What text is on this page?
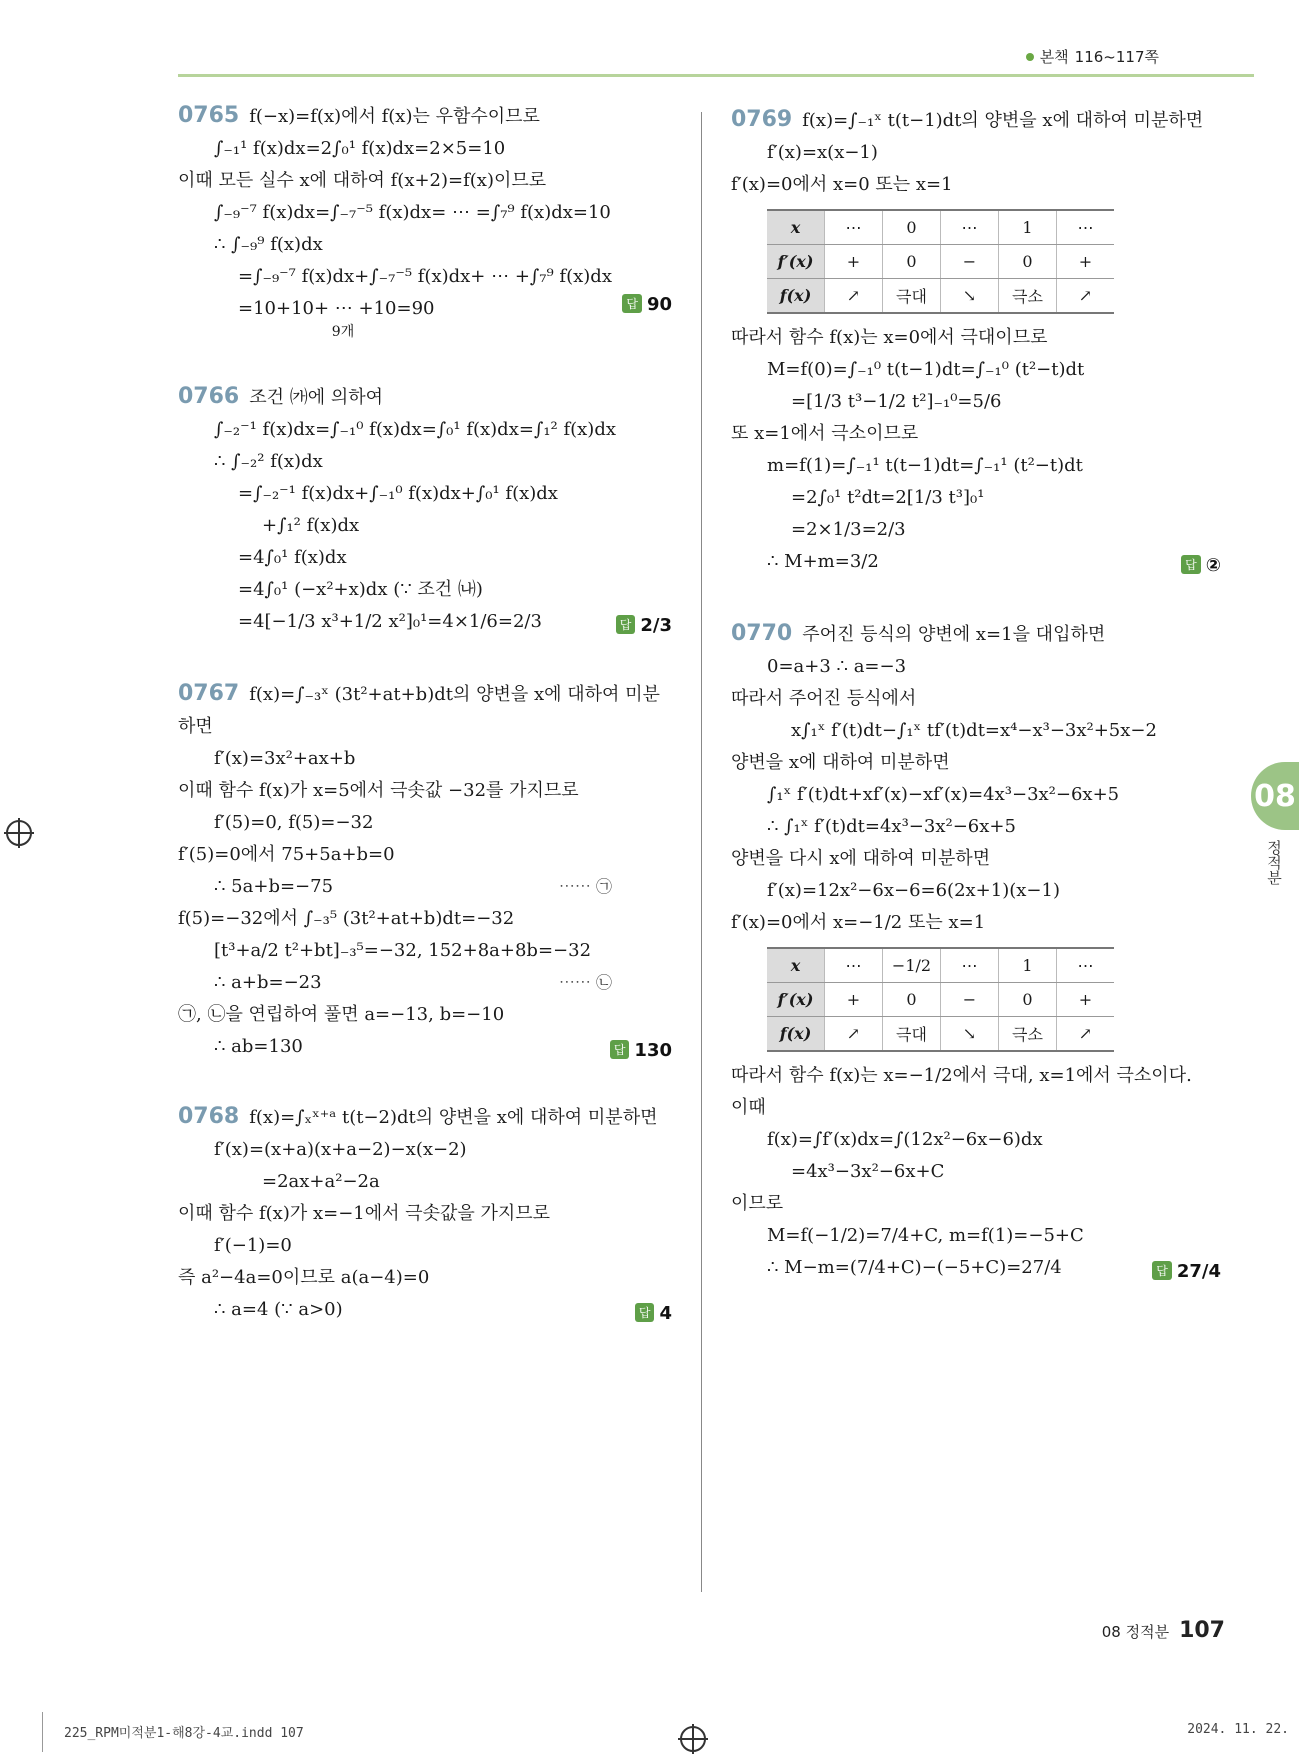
본책 116~117쪽
0765 f(−x)=f(x)에서 f(x)는 우함수이므로
∫₋₁¹ f(x)dx=2∫₀¹ f(x)dx=2×5=10
이때 모든 실수 x에 대하여 f(x+2)=f(x)이므로
∫₋₉⁻⁷ f(x)dx=∫₋₇⁻⁵ f(x)dx= ⋯ =∫₇⁹ f(x)dx=10
∴ ∫₋₉⁹ f(x)dx
=∫₋₉⁻⁷ f(x)dx+∫₋₇⁻⁵ f(x)dx+ ⋯ +∫₇⁹ f(x)dx
=10+10+ ⋯ +10=90
9개
답 90
0766 조건 ㈎에 의하여
∫₋₂⁻¹ f(x)dx=∫₋₁⁰ f(x)dx=∫₀¹ f(x)dx=∫₁² f(x)dx
∴ ∫₋₂² f(x)dx
=∫₋₂⁻¹ f(x)dx+∫₋₁⁰ f(x)dx+∫₀¹ f(x)dx
+∫₁² f(x)dx
=4∫₀¹ f(x)dx
=4∫₀¹ (−x²+x)dx (∵ 조건 ㈏)
=4[−1/3 x³+1/2 x²]₀¹=4×1/6=2/3	답 2/3
0767 f(x)=∫₋₃ˣ (3t²+at+b)dt의 양변을 x에 대하여 미분
하면
f′(x)=3x²+ax+b
이때 함수 f(x)가 x=5에서 극솟값 −32를 가지므로
f′(5)=0, f(5)=−32
f′(5)=0에서 75+5a+b=0
∴ 5a+b=−75	⋯⋯ ㉠
f(5)=−32에서 ∫₋₃⁵ (3t²+at+b)dt=−32
[t³+a/2 t²+bt]₋₃⁵=−32, 152+8a+8b=−32
∴ a+b=−23	⋯⋯ ㉡
㉠, ㉡을 연립하여 풀면 a=−13, b=−10
∴ ab=130	답 130
0768 f(x)=∫ₓˣ⁺ᵃ t(t−2)dt의 양변을 x에 대하여 미분하면
f′(x)=(x+a)(x+a−2)−x(x−2)
=2ax+a²−2a
이때 함수 f(x)가 x=−1에서 극솟값을 가지므로
f′(−1)=0
즉 a²−4a=0이므로 a(a−4)=0
∴ a=4 (∵ a>0)	답 4
0769 f(x)=∫₋₁ˣ t(t−1)dt의 양변을 x에 대하여 미분하면
f′(x)=x(x−1)
f′(x)=0에서 x=0 또는 x=1
x	⋯	0	⋯	1	⋯
f′(x)	+	0	−	0	+
f(x)	↗	극대	↘	극소	↗
따라서 함수 f(x)는 x=0에서 극대이므로
M=f(0)=∫₋₁⁰ t(t−1)dt=∫₋₁⁰ (t²−t)dt
=[1/3 t³−1/2 t²]₋₁⁰=5/6
또 x=1에서 극소이므로
m=f(1)=∫₋₁¹ t(t−1)dt=∫₋₁¹ (t²−t)dt
=2∫₀¹ t²dt=2[1/3 t³]₀¹
=2×1/3=2/3
∴ M+m=3/2	답 ②
0770 주어진 등식의 양변에 x=1을 대입하면
0=a+3 ∴ a=−3
따라서 주어진 등식에서
x∫₁ˣ f′(t)dt−∫₁ˣ tf′(t)dt=x⁴−x³−3x²+5x−2
양변을 x에 대하여 미분하면
∫₁ˣ f′(t)dt+xf′(x)−xf′(x)=4x³−3x²−6x+5
∴ ∫₁ˣ f′(t)dt=4x³−3x²−6x+5
양변을 다시 x에 대하여 미분하면
f′(x)=12x²−6x−6=6(2x+1)(x−1)
f′(x)=0에서 x=−1/2 또는 x=1
x	⋯	−1/2	⋯	1	⋯
f′(x)	+	0	−	0	+
f(x)	↗	극대	↘	극소	↗
따라서 함수 f(x)는 x=−1/2에서 극대, x=1에서 극소이다.
이때
f(x)=∫f′(x)dx=∫(12x²−6x−6)dx
=4x³−3x²−6x+C
이므로
M=f(−1/2)=7/4+C, m=f(1)=−5+C
∴ M−m=(7/4+C)−(−5+C)=27/4	답 27/4
08
정적분
08 정적분 107
225_RPM미적분1-해8강-4교.indd 107	2024. 11. 22.
